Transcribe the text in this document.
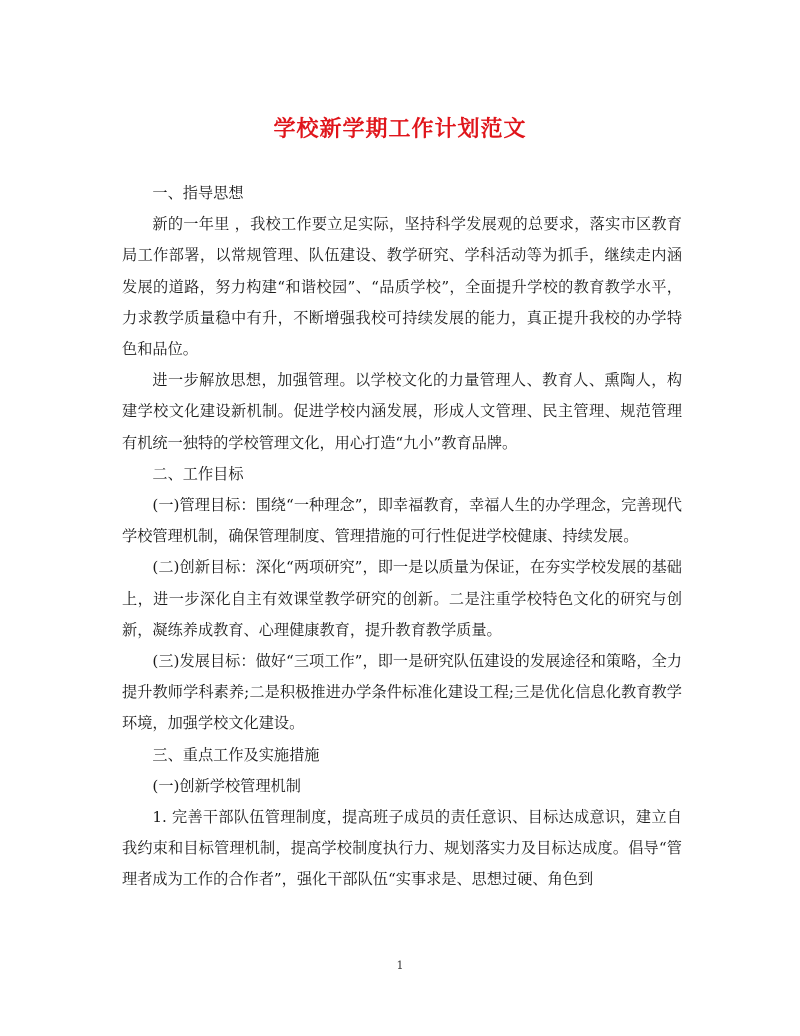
学校新学期工作计划范文

一、指导思想

新的一年里 ，我校工作要立足实际，坚持科学发展观的总要求，落实市区教育局工作部署，以常规管理、队伍建设、教学研究、学科活动等为抓手，继续走内涵发展的道路，努力构建“和谐校园”、“品质学校”，全面提升学校的教育教学水平，力求教学质量稳中有升，不断增强我校可持续发展的能力，真正提升我校的办学特色和品位。

进一步解放思想，加强管理。以学校文化的力量管理人、教育人、熏陶人，构建学校文化建设新机制。促进学校内涵发展，形成人文管理、民主管理、规范管理有机统一独特的学校管理文化，用心打造“九小”教育品牌。

二、工作目标

(一)管理目标：围绕“一种理念”，即幸福教育，幸福人生的办学理念，完善现代学校管理机制，确保管理制度、管理措施的可行性促进学校健康、持续发展。

(二)创新目标：深化“两项研究”，即一是以质量为保证，在夯实学校发展的基础上，进一步深化自主有效课堂教学研究的创新。二是注重学校特色文化的研究与创新，凝练养成教育、心理健康教育，提升教育教学质量。

(三)发展目标：做好“三项工作”，即一是研究队伍建设的发展途径和策略，全力提升教师学科素养;二是积极推进办学条件标准化建设工程;三是优化信息化教育教学环境，加强学校文化建设。

三、重点工作及实施措施

(一)创新学校管理机制

1. 完善干部队伍管理制度，提高班子成员的责任意识、目标达成意识，建立自我约束和目标管理机制，提高学校制度执行力、规划落实力及目标达成度。倡导“管理者成为工作的合作者”，强化干部队伍“实事求是、思想过硬、角色到

1
